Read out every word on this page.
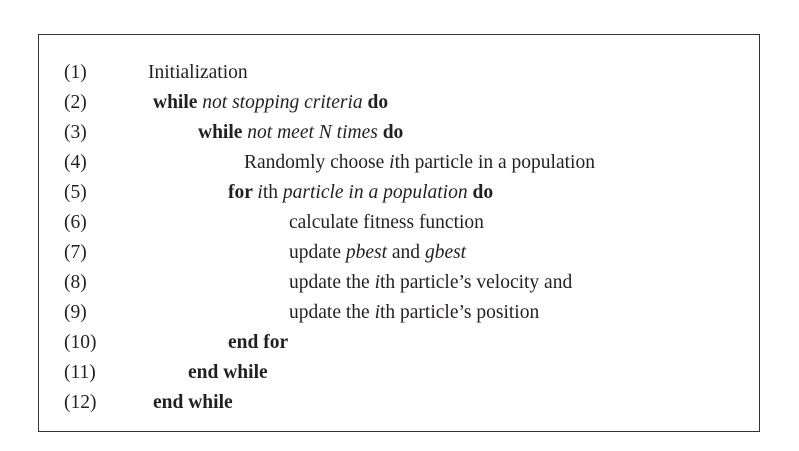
(1)	Initialization
(2)	while not stopping criteria do
(3)	while not meet N times do
(4)	Randomly choose ith particle in a population
(5)	for ith particle in a population do
(6)	calculate fitness function
(7)	update pbest and gbest
(8)	update the ith particle’s velocity and
(9)	update the ith particle’s position
(10)	end for
(11)	end while
(12)	end while
